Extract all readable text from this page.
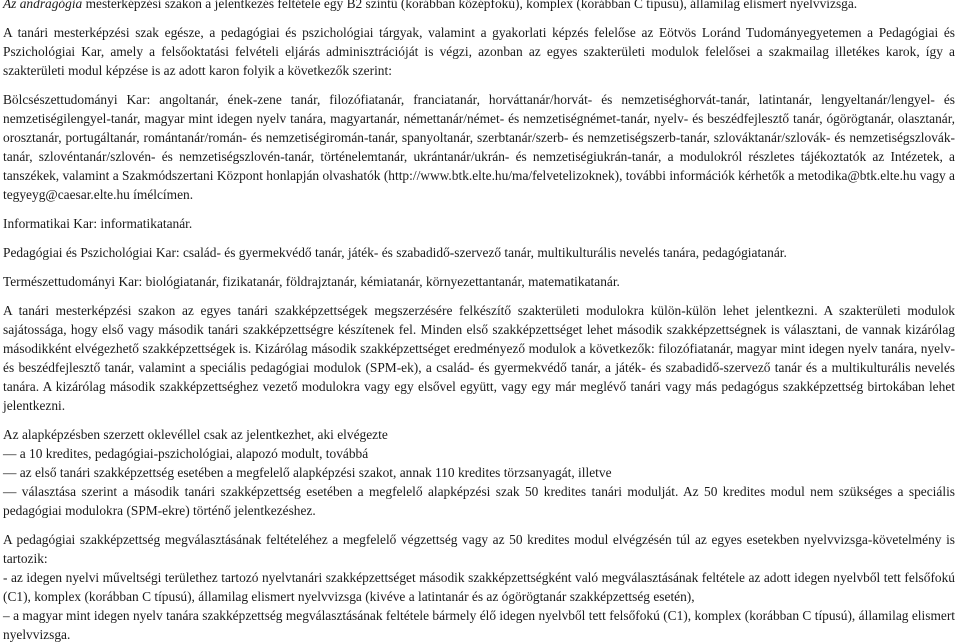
Az andragógia mesterképzési szakon a jelentkezés feltétele egy B2 szintű (korábban középfokú), komplex (korábban C típusú), államilag elismert nyelvvizsga.

A tanári mesterképzési szak egésze, a pedagógiai és pszichológiai tárgyak, valamint a gyakorlati képzés felelőse az Eötvös Loránd Tudományegyetemen a Pedagógiai és Pszichológiai Kar, amely a felsőoktatási felvételi eljárás adminisztrációját is végzi, azonban az egyes szakterületi modulok felelősei a szakmailag illetékes karok, így a szakterületi modul képzése is az adott karon folyik a következők szerint:

Bölcsészettudományi Kar: angoltanár, ének-zene tanár, filozófiatanár, franciatanár, horváttanár/horvát- és nemzetiséghorvát-tanár, latintanár, lengyeltanár/lengyel- és nemzetiségilengyel-tanár, magyar mint idegen nyelv tanára, magyartanár, némettanár/német- és nemzetiségnémet-tanár, nyelv- és beszédfejlesztő tanár, ógörögtanár, olasztanár, orosztanár, portugáltanár, romántanár/román- és nemzetiségiromán-tanár, spanyoltanár, szerbtanár/szerb- és nemzetiségszerb-tanár, szlováktanár/szlovák- és nemzetiségszlovák-tanár, szlovéntanár/szlovén- és nemzetiségszlovén-tanár, történelemtanár, ukrántanár/ukrán- és nemzetiségiukrán-tanár, a modulokról részletes tájékoztatók az Intézetek, a tanszékek, valamint a Szakmódszertani Központ honlapján olvashatók (http://www.btk.elte.hu/ma/felvetelizoknek), további információk kérhetők a metodika@btk.elte.hu vagy a tegyeyg@caesar.elte.hu ímélcímen.

Informatikai Kar: informatikatanár.

Pedagógiai és Pszichológiai Kar: család- és gyermekvédő tanár, játék- és szabadidő-szervező tanár, multikulturális nevelés tanára, pedagógiatanár.

Természettudományi Kar: biológiatanár, fizikatanár, földrajztanár, kémiatanár, környezettantanár, matematikatanár.

A tanári mesterképzési szakon az egyes tanári szakképzettségek megszerzésére felkészítő szakterületi modulokra külön-külön lehet jelentkezni. A szakterületi modulok sajátossága, hogy első vagy második tanári szakképzettségre készítenek fel. Minden első szakképzettséget lehet második szakképzettségnek is választani, de vannak kizárólag másodikként elvégezhető szakképzettségek is. Kizárólag második szakképzettséget eredményező modulok a következők: filozófiatanár, magyar mint idegen nyelv tanára, nyelv- és beszédfejlesztő tanár, valamint a speciális pedagógiai modulok (SPM-ek), a család- és gyermekvédő tanár, a játék- és szabadidő-szervező tanár és a multikulturális nevelés tanára. A kizárólag második szakképzettséghez vezető modulokra vagy egy elsővel együtt, vagy egy már meglévő tanári vagy más pedagógus szakképzettség birtokában lehet jelentkezni.

Az alapképzésben szerzett oklevéllel csak az jelentkezhet, aki elvégezte
— a 10 kredites, pedagógiai-pszichológiai, alapozó modult, továbbá
— az első tanári szakképzettség esetében a megfelelő alapképzési szakot, annak 110 kredites törzsanyagát, illetve
— választása szerint a második tanári szakképzettség esetében a megfelelő alapképzési szak 50 kredites tanári modulját. Az 50 kredites modul nem szükséges a speciális pedagógiai modulokra (SPM-ekre) történő jelentkezéshez.

A pedagógiai szakképzettség megválasztásának feltételéhez a megfelelő végzettség vagy az 50 kredites modul elvégzésén túl az egyes esetekben nyelvvizsga-követelmény is tartozik:
- az idegen nyelvi műveltségi területhez tartozó nyelvtanári szakképzettséget második szakképzettségként való megválasztásának feltétele az adott idegen nyelvből tett felsőfokú (C1), komplex (korábban C típusú), államilag elismert nyelvvizsga (kivéve a latintanár és az ógörögtanár szakképzettség esetén),
– a magyar mint idegen nyelv tanára szakképzettség megválasztásának feltétele bármely élő idegen nyelvből tett felsőfokú (C1), komplex (korábban C típusú), államilag elismert nyelvvizsga.
